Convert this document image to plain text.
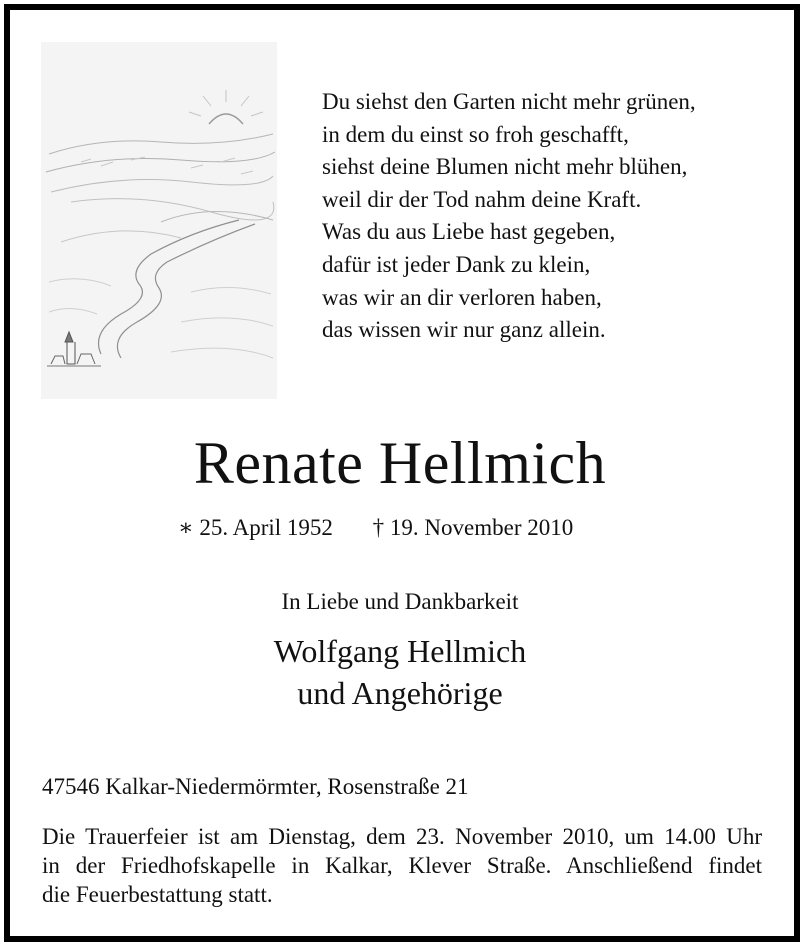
Du siehst den Garten nicht mehr grünen,
in dem du einst so froh geschafft,
siehst deine Blumen nicht mehr blühen,
weil dir der Tod nahm deine Kraft.
Was du aus Liebe hast gegeben,
dafür ist jeder Dank zu klein,
was wir an dir verloren haben,
das wissen wir nur ganz allein.
Renate Hellmich
∗ 25. April 1952 † 19. November 2010
In Liebe und Dankbarkeit
Wolfgang Hellmich
und Angehörige
47546 Kalkar-Niedermörmter, Rosenstraße 21
Die Trauerfeier ist am Dienstag, dem 23. November 2010, um 14.00 Uhr
in der Friedhofskapelle in Kalkar, Klever Straße. Anschließend findet
die Feuerbestattung statt.
